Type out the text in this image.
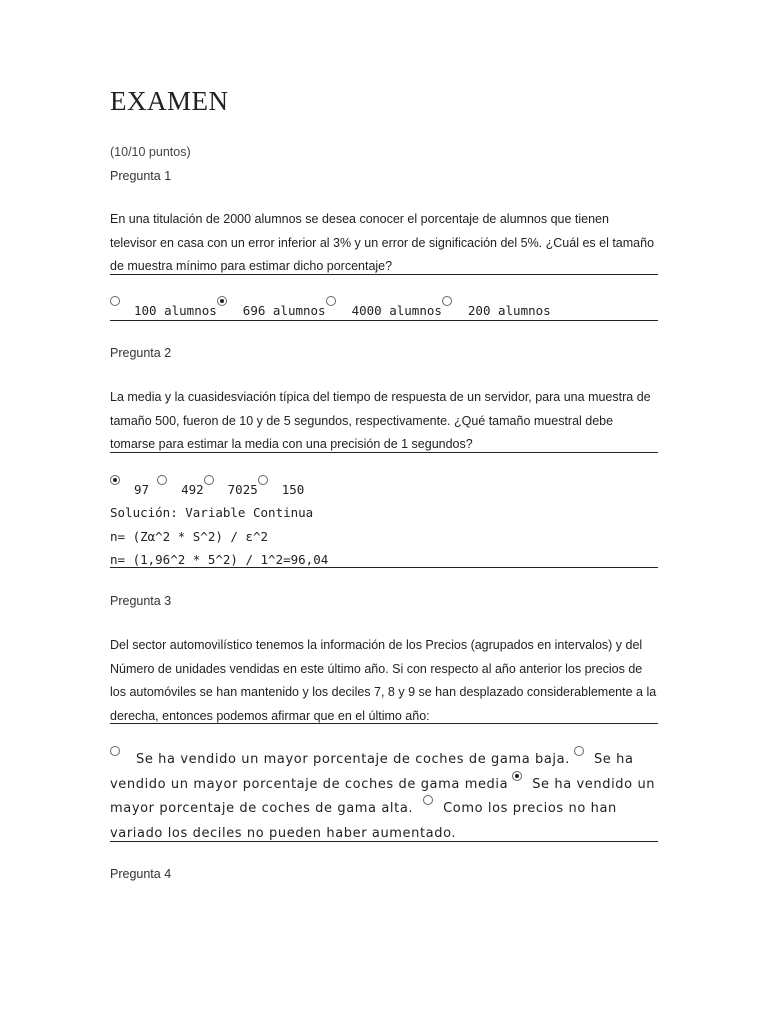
EXAMEN
(10/10 puntos)
Pregunta 1
En una titulación de 2000 alumnos se desea conocer el porcentaje de alumnos que tienen televisor en casa con un error inferior al 3% y un error de significación del 5%. ¿Cuál es el tamaño de muestra mínimo para estimar dicho porcentaje?
100 alumnos 696 alumnos 4000 alumnos 200 alumnos
Pregunta 2
La media y la cuasidesviación típica del tiempo de respuesta de un servidor, para una muestra de tamaño 500, fueron de 10 y de 5 segundos, respectivamente. ¿Qué tamaño muestral debe tomarse para estimar la media con una precisión de 1 segundos?
97	492 7025 150
Solución: Variable Continua
n= (Zα^2 * S^2) / ε^2
n= (1,96^2 * 5^2) / 1^2=96,04
Pregunta 3
Del sector automovilístico tenemos la información de los Precios (agrupados en intervalos) y del Número de unidades vendidas en este último año. Si con respecto al año anterior los precios de los automóviles se han mantenido y los deciles 7, 8 y 9 se han desplazado considerablemente a la derecha, entonces podemos afirmar que en el último año:
Se ha vendido un mayor porcentaje de coches de gama baja. Se ha vendido un mayor porcentaje de coches de gama media Se ha vendido un mayor porcentaje de coches de gama alta. Como los precios no han variado los deciles no pueden haber aumentado.
Pregunta 4
